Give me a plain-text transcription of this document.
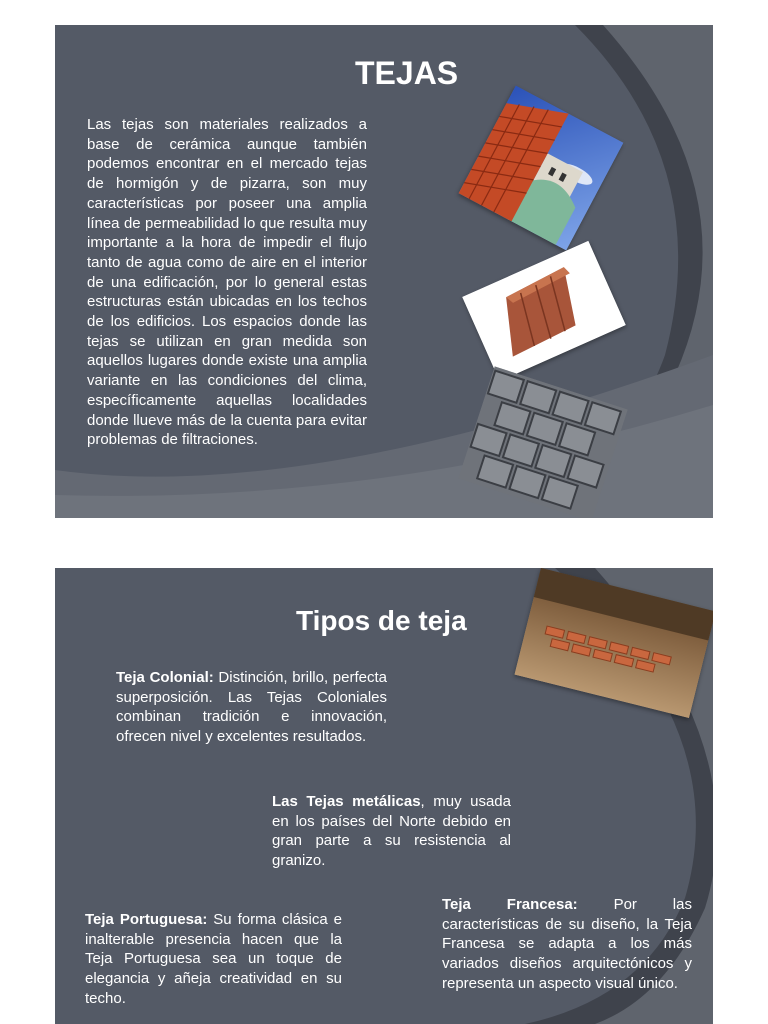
TEJAS

Las tejas son materiales realizados a base de cerámica aunque también podemos encontrar en el mercado tejas de hormigón y de pizarra, son muy características por poseer una amplia línea de permeabilidad lo que resulta muy importante a la hora de impedir el flujo tanto de agua como de aire en el interior de una edificación, por lo general estas estructuras están ubicadas en los techos de los edificios. Los espacios donde las tejas se utilizan en gran medida son aquellos lugares donde existe una amplia variante en las condiciones del clima, específicamente aquellas localidades donde llueve más de la cuenta para evitar problemas de filtraciones.

Tipos de teja

Teja Colonial: Distinción, brillo, perfecta superposición. Las Tejas Coloniales combinan tradición e innovación, ofrecen nivel y excelentes resultados.

Las Tejas metálicas, muy usada en los países del Norte debido en gran parte a su resistencia al granizo.

Teja Portuguesa: Su forma clásica e inalterable presencia hacen que la Teja Portuguesa sea un toque de elegancia y añeja creatividad en su techo.

Teja Francesa: Por las características de su diseño, la Teja Francesa se adapta a los más variados diseños arquitectónicos y representa un aspecto visual único.
